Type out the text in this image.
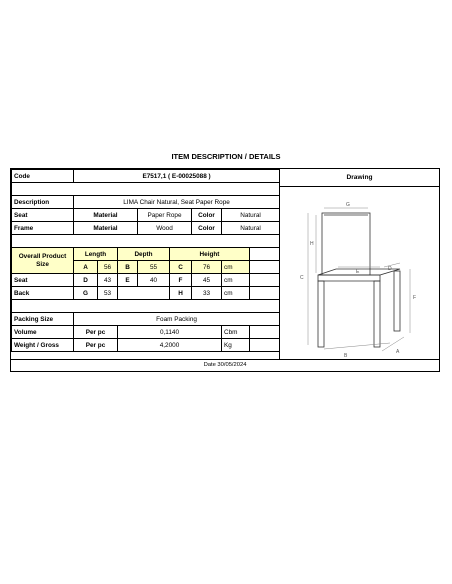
ITEM DESCRIPTION / DETAILS
Code	E7517,1 ( E-00025088 )							

Description	LIMA Chair Natural, Seat Paper Rope							
Seat	Material			Paper Rope		Color	Natural	
Frame	Material			Wood		Color	Natural	

Overall Product Size	Length		Depth		Height			
	A	56	B	55	C	76	cm	
Seat	D	43	E	40	F	45	cm	
Back	G	53			H	33	cm	

Packing Size	Foam Packing							
Volume	Per pc		0,1140				Cbm	
Weight / Gross	Per pc		4,2000				Kg	
Drawing
G
H
C
E	D
F
B
A
Date 30/05/2024
